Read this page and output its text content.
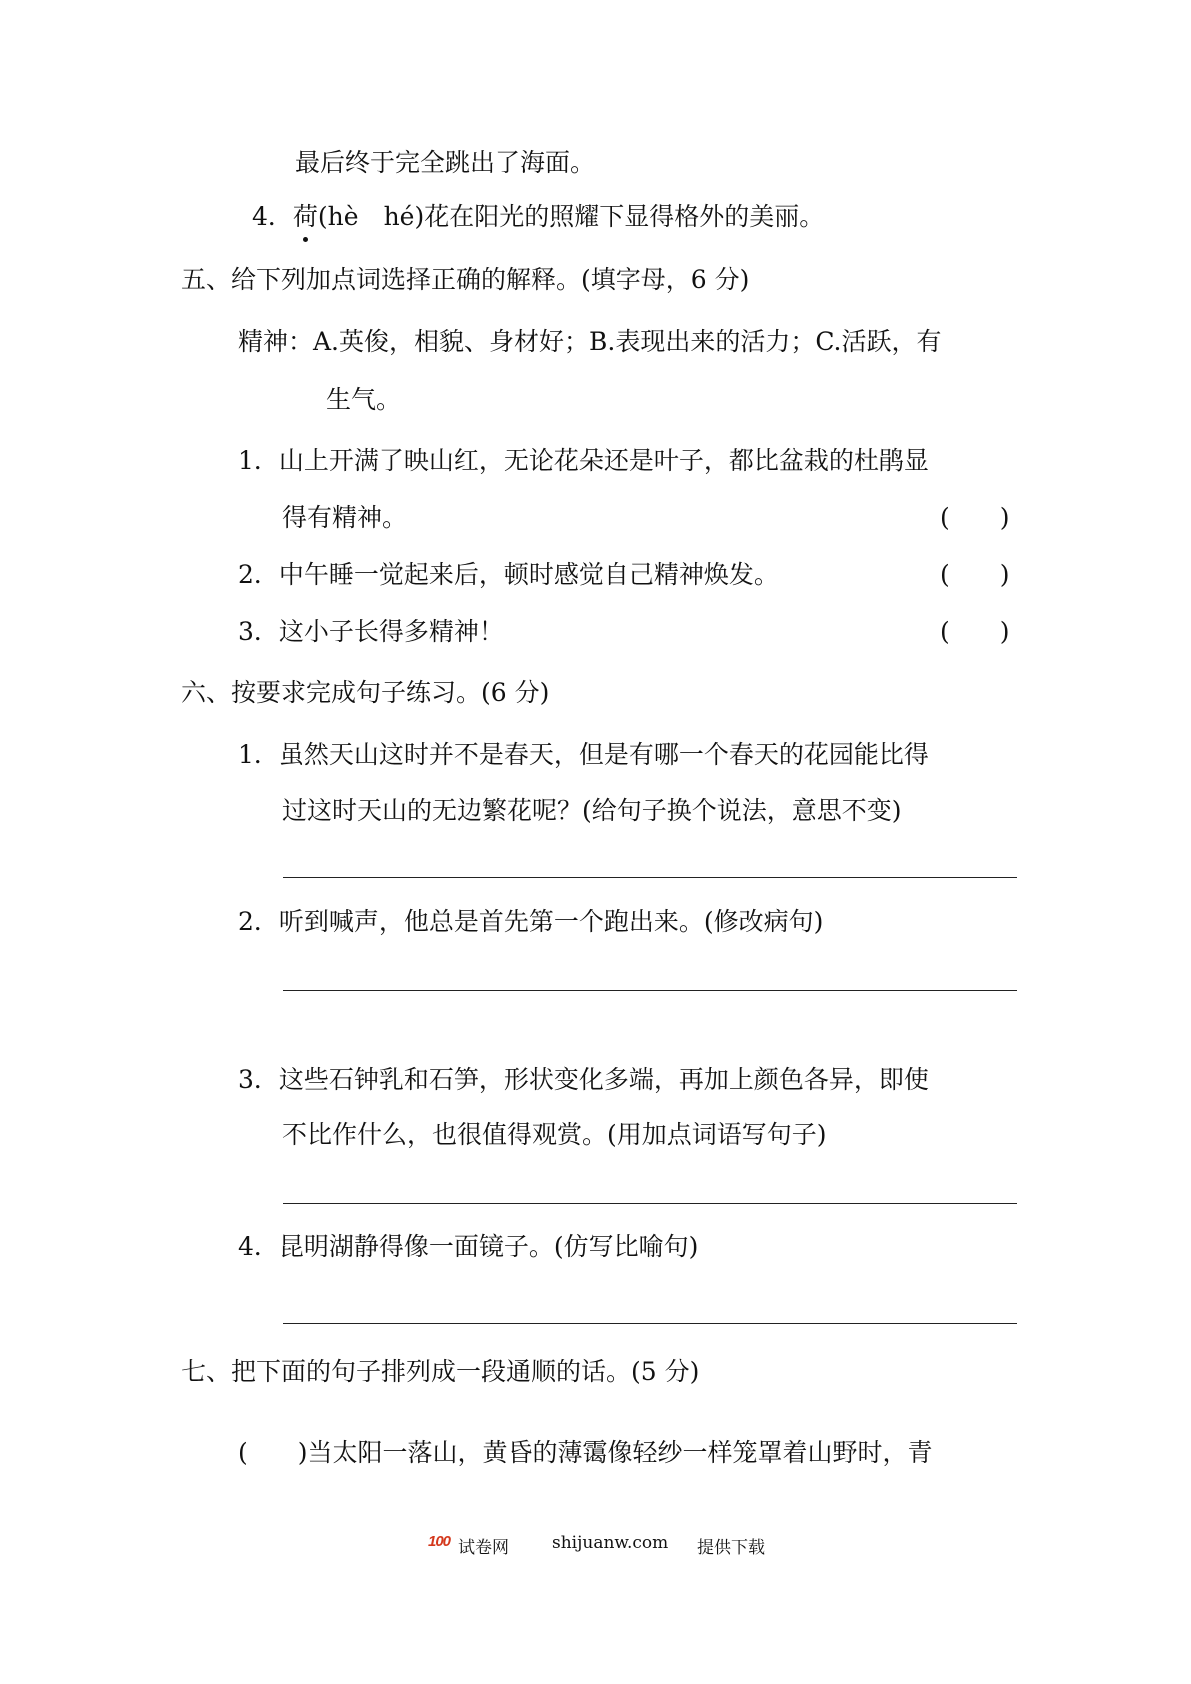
最后终于完全跳出了海面。
4．荷(hè hé)花在阳光的照耀下显得格外的美丽。
五、给下列加点词选择正确的解释。(填字母，6 分)
精神：A.英俊，相貌、身材好；B.表现出来的活力；C.活跃，有
生气。
1．山上开满了映山红，无论花朵还是叶子，都比盆栽的杜鹃显
得有精神。	(  )
2．中午睡一觉起来后，顿时感觉自己精神焕发。	(  )
3．这小子长得多精神！	(  )
六、按要求完成句子练习。(6 分)
1．虽然天山这时并不是春天，但是有哪一个春天的花园能比得
过这时天山的无边繁花呢？(给句子换个说法，意思不变)
2．听到喊声，他总是首先第一个跑出来。(修改病句)
3．这些石钟乳和石笋，形状变化多端，再加上颜色各异，即使
不比作什么，也很值得观赏。(用加点词语写句子)
4．昆明湖静得像一面镜子。(仿写比喻句)
七、把下面的句子排列成一段通顺的话。(5 分)
(  )当太阳一落山，黄昏的薄霭像轻纱一样笼罩着山野时，青
100 试卷网	shijuanw.com 提供下载
